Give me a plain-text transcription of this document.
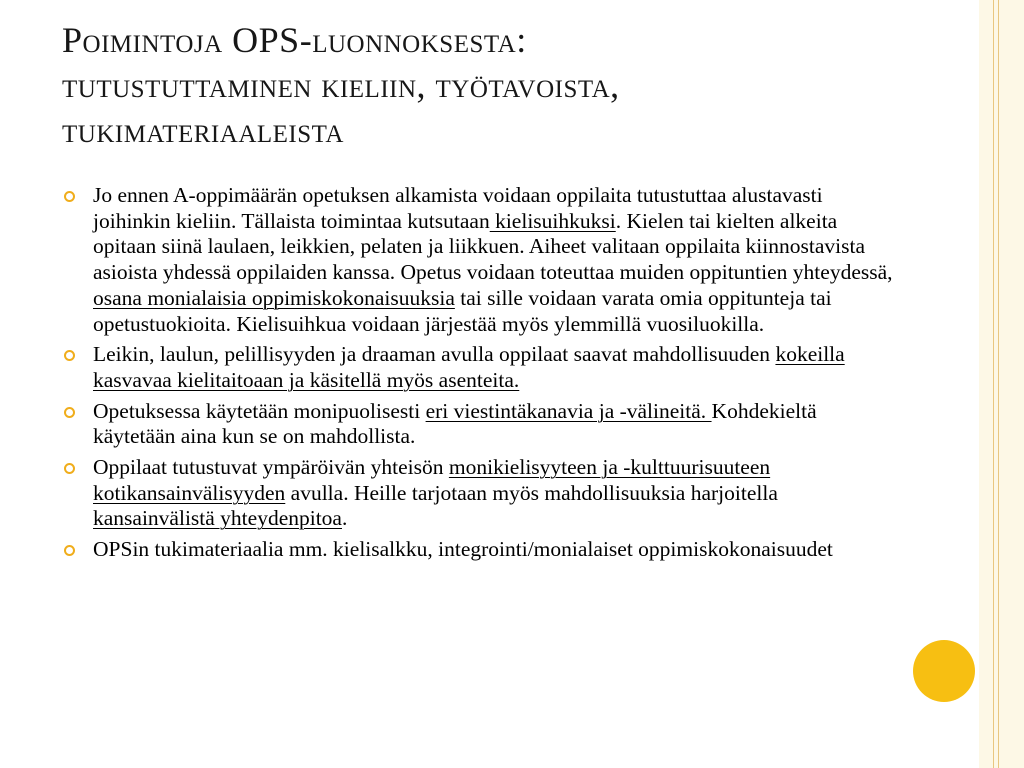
Poimintoja OPS-luonnoksesta:
tutustuttaminen kieliin, työtavoista,
tukimateriaaleista
Jo ennen A-oppimäärän opetuksen alkamista voidaan oppilaita tutustuttaa alustavasti joihinkin kieliin. Tällaista toimintaa kutsutaan kielisuihkuksi. Kielen tai kielten alkeita opitaan siinä laulaen, leikkien, pelaten ja liikkuen. Aiheet valitaan oppilaita kiinnostavista asioista yhdessä oppilaiden kanssa. Opetus voidaan toteuttaa muiden oppituntien yhteydessä, osana monialaisia oppimiskokonaisuuksia tai sille voidaan varata omia oppitunteja tai opetustuokioita. Kielisuihkua voidaan järjestää myös ylemmillä vuosiluokilla.
Leikin, laulun, pelillisyyden ja draaman avulla oppilaat saavat mahdollisuuden kokeilla kasvavaa kielitaitoaan ja käsitellä myös asenteita.
Opetuksessa käytetään monipuolisesti eri viestintäkanavia ja -välineitä. Kohdekieltä käytetään aina kun se on mahdollista.
Oppilaat tutustuvat ympäröivän yhteisön monikielisyyteen ja -kulttuurisuuteen kotikansainvälisyyden avulla. Heille tarjotaan myös mahdollisuuksia harjoitella kansainvälistä yhteydenpitoa.
OPSin tukimateriaalia mm. kielisalkku, integrointi/monialaiset oppimiskokonaisuudet
